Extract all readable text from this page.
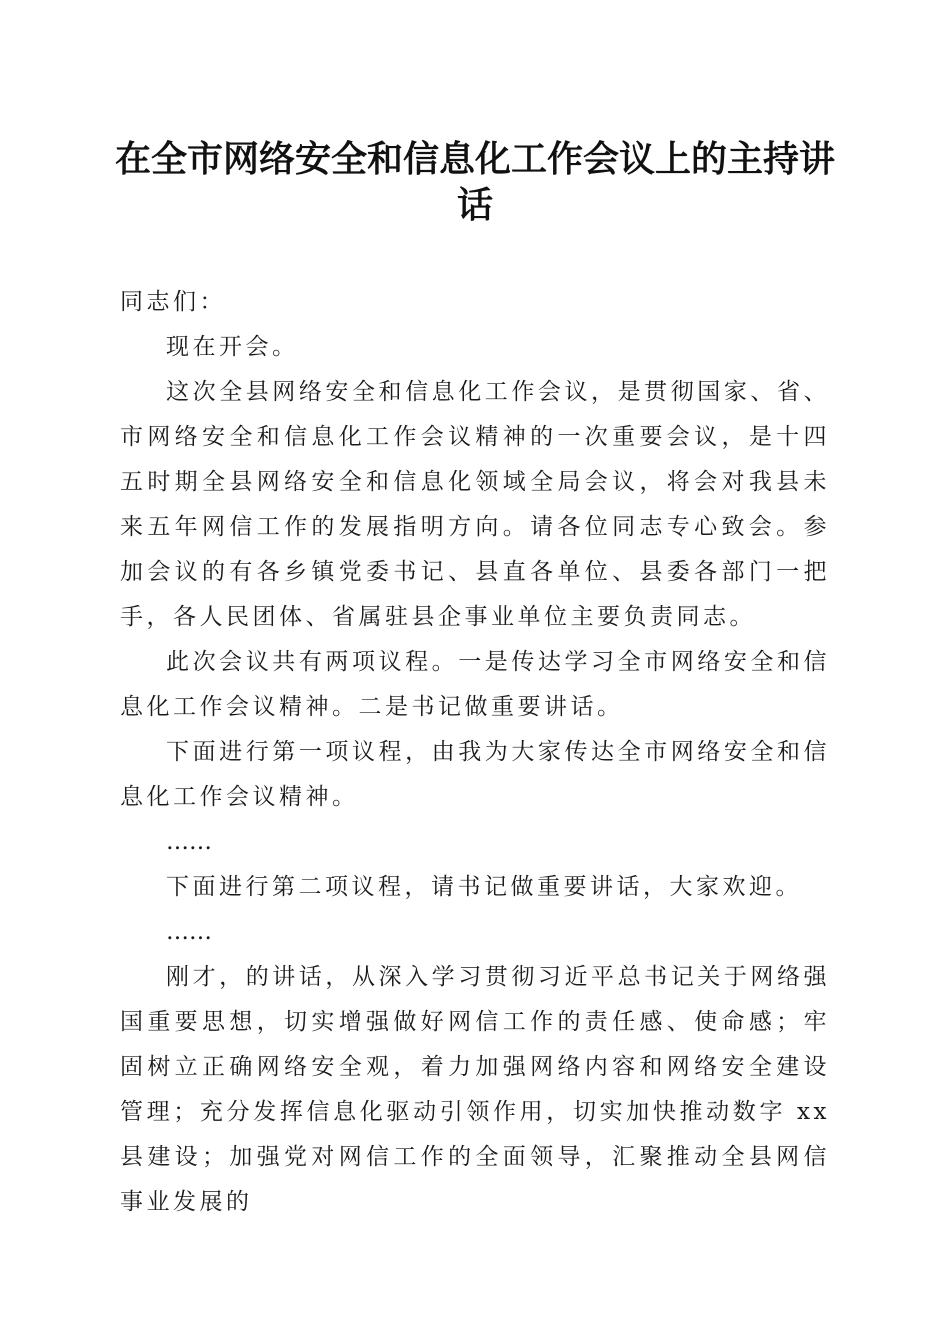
在全市网络安全和信息化工作会议上的主持讲话

同志们：

现在开会。

这次全县网络安全和信息化工作会议，是贯彻国家、省、市网络安全和信息化工作会议精神的一次重要会议，是十四五时期全县网络安全和信息化领域全局会议，将会对我县未来五年网信工作的发展指明方向。请各位同志专心致会。参加会议的有各乡镇党委书记、县直各单位、县委各部门一把手，各人民团体、省属驻县企事业单位主要负责同志。

此次会议共有两项议程。一是传达学习全市网络安全和信息化工作会议精神。二是书记做重要讲话。

下面进行第一项议程，由我为大家传达全市网络安全和信息化工作会议精神。

……

下面进行第二项议程，请书记做重要讲话，大家欢迎。

……

刚才，的讲话，从深入学习贯彻习近平总书记关于网络强国重要思想，切实增强做好网信工作的责任感、使命感；牢固树立正确网络安全观，着力加强网络内容和网络安全建设管理；充分发挥信息化驱动引领作用，切实加快推动数字 xx 县建设；加强党对网信工作的全面领导，汇聚推动全县网信事业发展的
